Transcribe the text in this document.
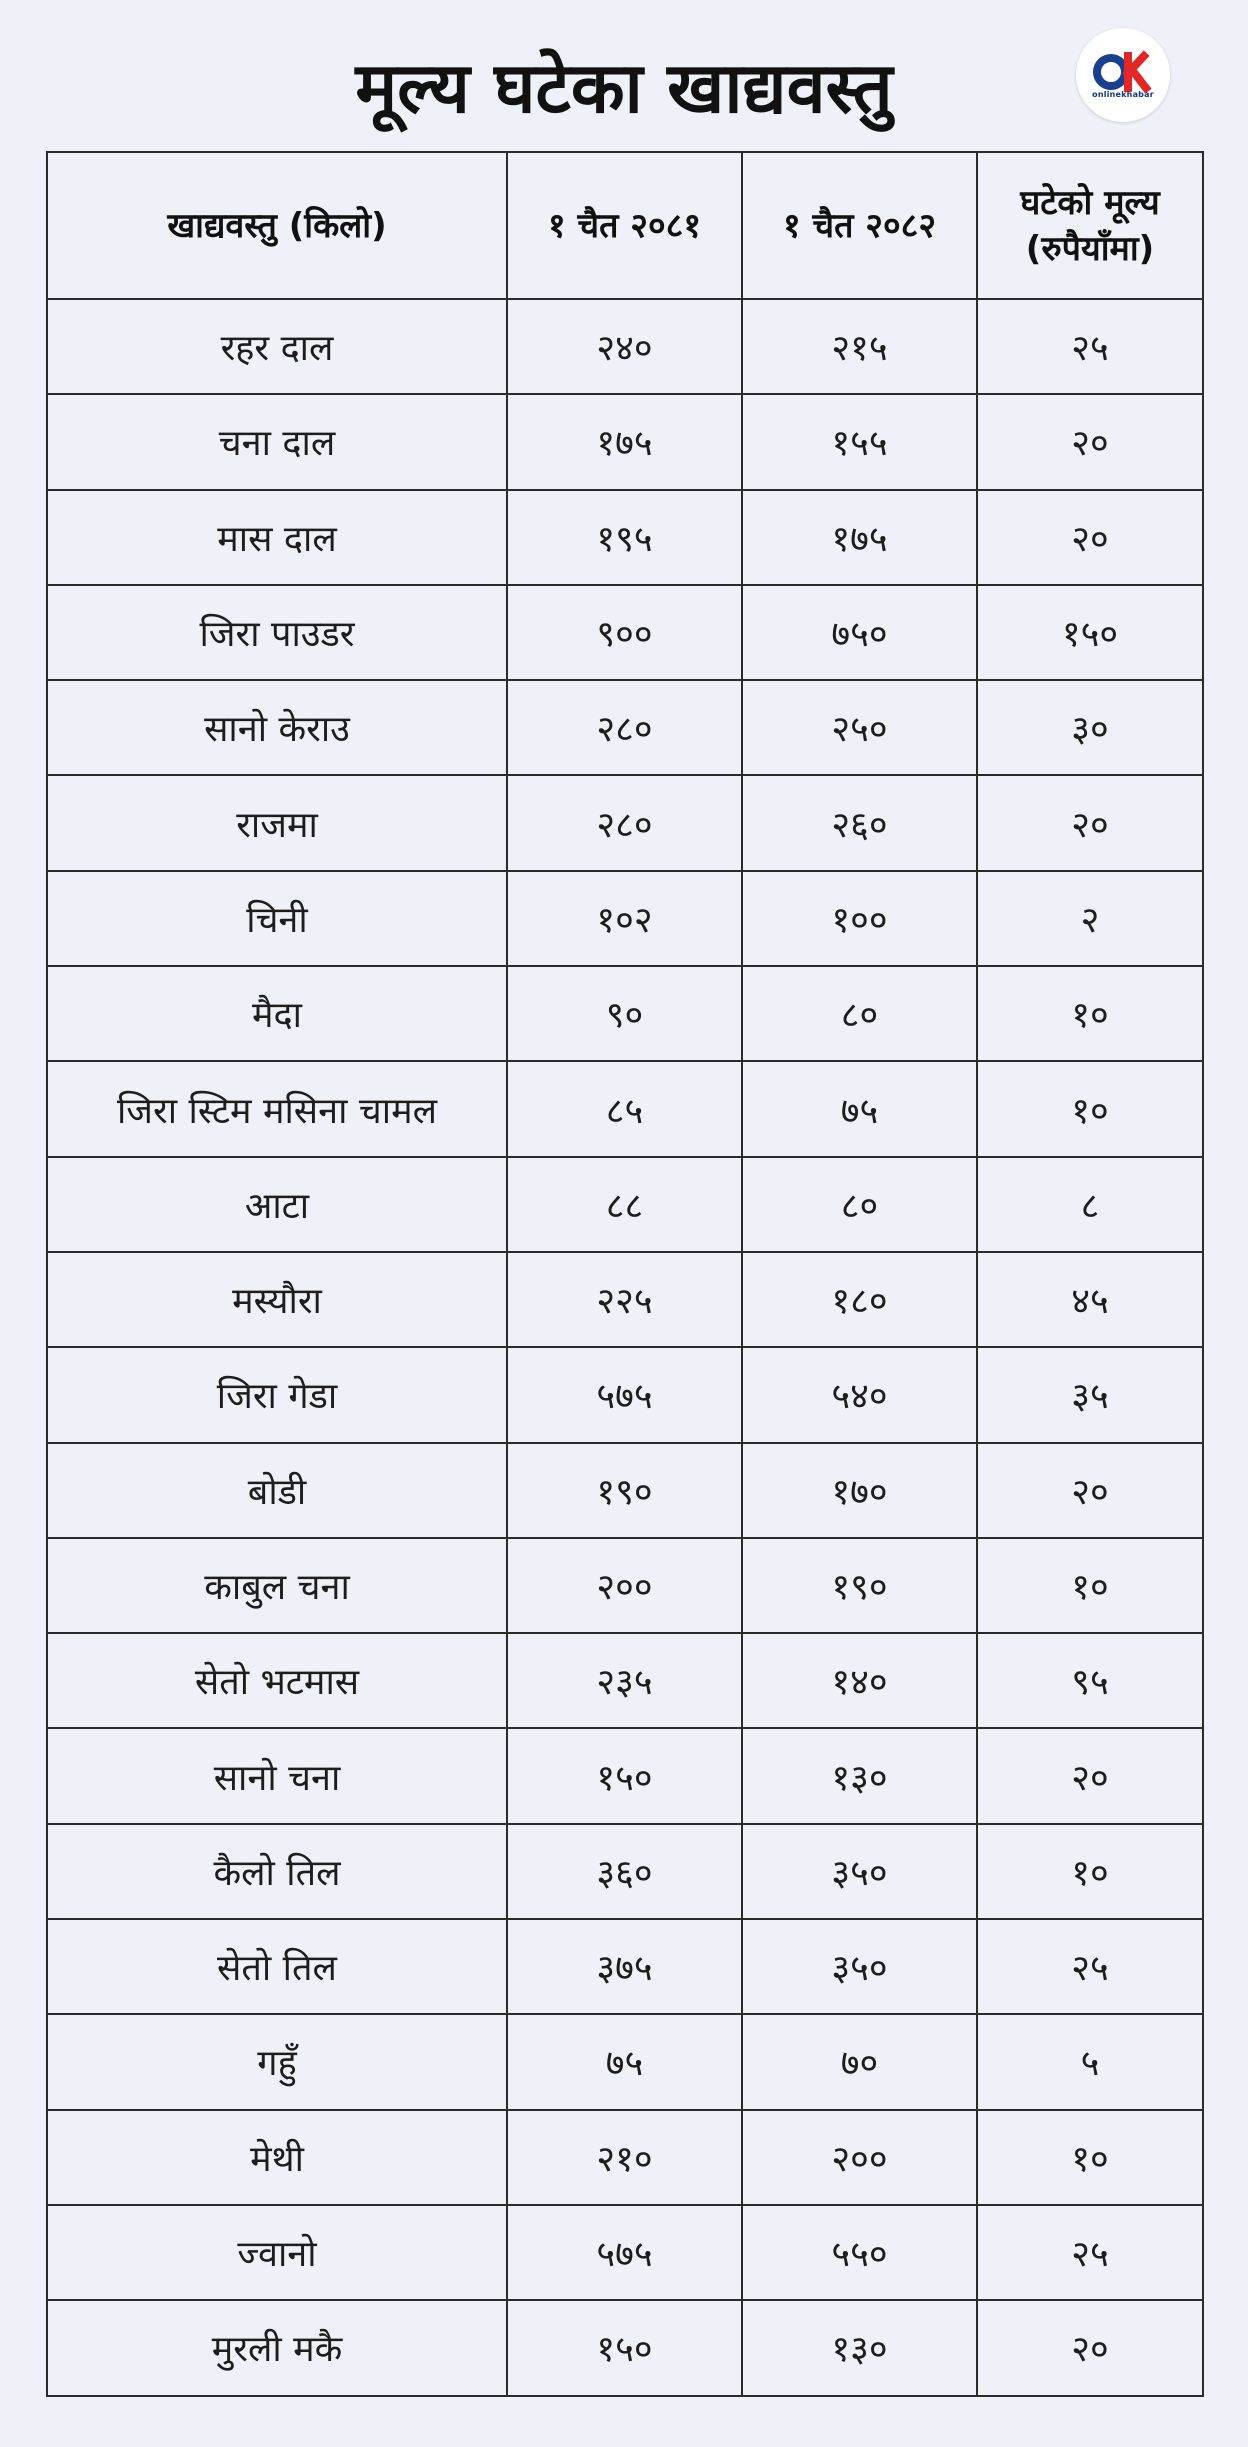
मूल्य घटेका खाद्यवस्तु	onlinekhabar
खाद्यवस्तु (किलो)	१ चैत २०८१	१ चैत २०८२	घटेको मूल्य
(रुपैयाँमा)

रहर दाल	२४०	२१५	२५
चना दाल	१७५	१५५	२०
मास दाल	१९५	१७५	२०
जिरा पाउडर	९००	७५०	१५०
सानो केराउ	२८०	२५०	३०
राजमा	२८०	२६०	२०
चिनी	१०२	१००	२
मैदा	९०	८०	१०
जिरा स्टिम मसिना चामल	८५	७५	१०
आटा	८८	८०	८
मस्यौरा	२२५	१८०	४५
जिरा गेडा	५७५	५४०	३५
बोडी	१९०	१७०	२०
काबुल चना	२००	१९०	१०
सेतो भटमास	२३५	१४०	९५
सानो चना	१५०	१३०	२०
कैलो तिल	३६०	३५०	१०
सेतो तिल	३७५	३५०	२५
गहुँ	७५	७०	५
मेथी	२१०	२००	१०
ज्वानो	५७५	५५०	२५
मुरली मकै	१५०	१३०	२०
